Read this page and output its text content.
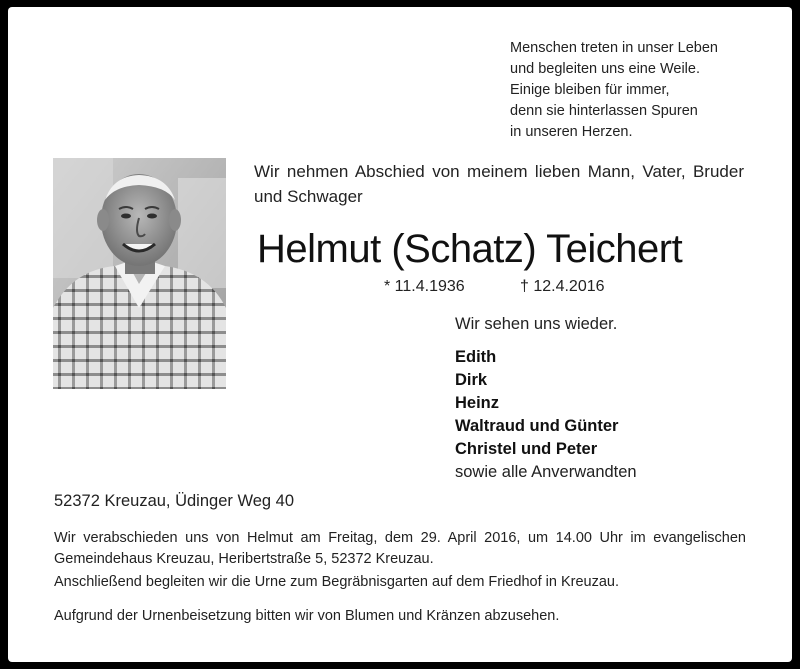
Menschen treten in unser Leben
und begleiten uns eine Weile.
Einige bleiben für immer,
denn sie hinterlassen Spuren
in unseren Herzen.
Wir nehmen Abschied von meinem lieben Mann, Vater, Bruder und Schwager
Helmut (Schatz) Teichert
* 11.4.1936	† 12.4.2016
Wir sehen uns wieder.
Edith
Dirk
Heinz
Waltraud und Günter
Christel und Peter
sowie alle Anverwandten
52372 Kreuzau, Üdinger Weg 40

Wir verabschieden uns von Helmut am Freitag, dem 29. April 2016, um 14.00 Uhr im evangelischen Gemeindehaus Kreuzau, Heribertstraße 5, 52372 Kreuzau.

Anschließend begleiten wir die Urne zum Begräbnisgarten auf dem Friedhof in Kreuzau.
Aufgrund der Urnenbeisetzung bitten wir von Blumen und Kränzen abzusehen.
